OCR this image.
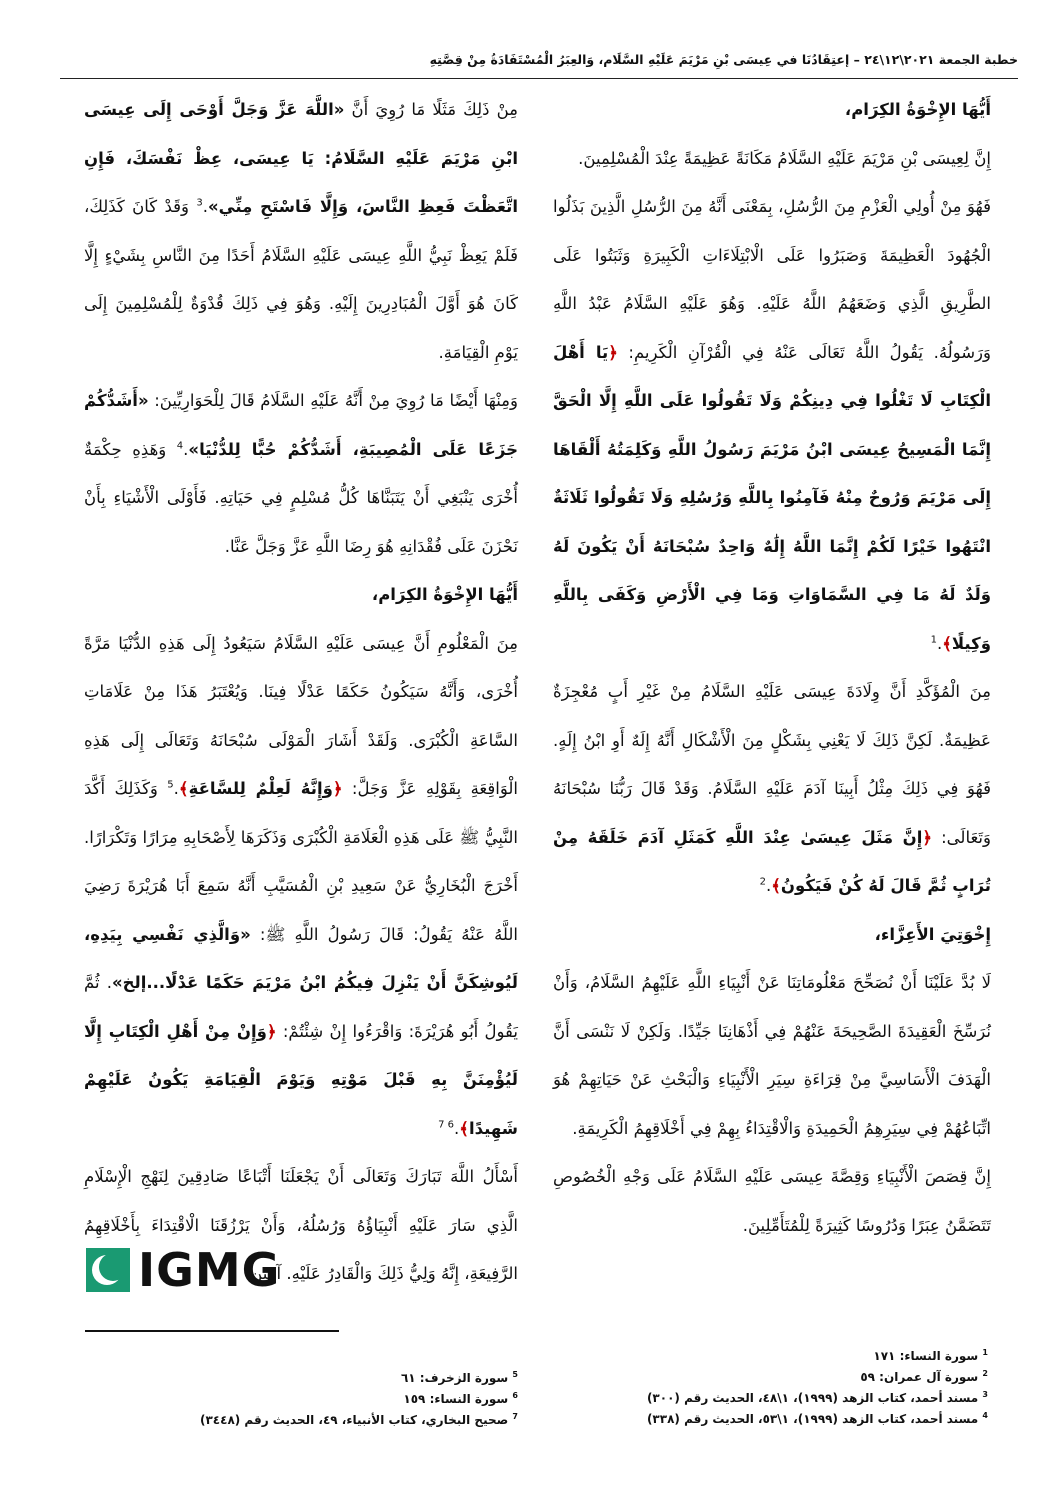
خطبة الجمعة ٢٠٢١\١٢\٢٤ – إعتِقَادُنَا في عِيسَى بْنِ مَرْيَمَ عَلَيْهِ السَّلَام، وَالعِبَرُ الْمُسْتَفَادَةُ مِنْ قِصَّتِهِ
أَيُّهَا الإِخْوَةُ الكِرَام،

إِنَّ لِعِيسَى بْنِ مَرْيَمَ عَلَيْهِ السَّلَامُ مَكَانَةً عَظِيمَةً عِنْدَ الْمُسْلِمِينَ.

فَهُوَ مِنْ أُولِي الْعَزْمِ مِنَ الرُّسُلِ، بِمَعْنَى أَنَّهُ مِنَ الرُّسُلِ الَّذِينَ بَذَلُوا الْجُهُودَ الْعَظِيمَةَ وَصَبَرُوا عَلَى الْابْتِلَاءَاتِ الْكَبِيرَةِ وَثَبَتُوا عَلَى الطَّرِيقِ الَّذِي وَضَعَهُمُ اللَّهُ عَلَيْهِ. وَهُوَ عَلَيْهِ السَّلَامُ عَبْدُ اللَّهِ وَرَسُولُهُ. يَقُولُ اللَّهُ تَعَالَى عَنْهُ فِي الْقُرْآنِ الْكَرِيمِ: ﴿يَا أَهْلَ الْكِتَابِ لَا تَغْلُوا فِي دِينِكُمْ وَلَا تَقُولُوا عَلَى اللَّهِ إِلَّا الْحَقَّ إِنَّمَا الْمَسِيحُ عِيسَى ابْنُ مَرْيَمَ رَسُولُ اللَّهِ وَكَلِمَتُهُ أَلْقَاهَا إِلَى مَرْيَمَ وَرُوحٌ مِنْهُ فَآمِنُوا بِاللَّهِ وَرُسُلِهِ وَلَا تَقُولُوا ثَلَاثَةٌ انْتَهُوا خَيْرًا لَكُمْ إِنَّمَا اللَّهُ إِلَٰهٌ وَاحِدٌ سُبْحَانَهُ أَنْ يَكُونَ لَهُ وَلَدٌ لَهُ مَا فِي السَّمَاوَاتِ وَمَا فِي الْأَرْضِ وَكَفَى بِاللَّهِ وَكِيلًا﴾.$^1$

مِنَ الْمُؤَكَّدِ أَنَّ وِلَادَةَ عِيسَى عَلَيْهِ السَّلَامُ مِنْ غَيْرِ أَبٍ مُعْجِزَةٌ عَظِيمَةٌ. لَكِنَّ ذَلِكَ لَا يَعْنِي بِشَكْلٍ مِنَ الْأَشْكَالِ أَنَّهُ إِلَهٌ أَوِ ابْنُ إِلَهٍ. فَهُوَ فِي ذَلِكَ مِثْلُ أَبِينَا آدَمَ عَلَيْهِ السَّلَامُ. وَقَدْ قَالَ رَبُّنَا سُبْحَانَهُ وَتَعَالَى: ﴿إِنَّ مَثَلَ عِيسَىٰ عِنْدَ اللَّهِ كَمَثَلِ آدَمَ خَلَقَهُ مِنْ تُرَابٍ ثُمَّ قَالَ لَهُ كُنْ فَيَكُونُ﴾.$^2$

إِخْوَتِيَ الأَعِزَّاء،

لَا بُدَّ عَلَيْنَا أَنْ نُصَحِّحَ مَعْلُومَاتِنَا عَنْ أَنْبِيَاءِ اللَّهِ عَلَيْهِمُ السَّلَامُ، وَأَنْ نُرَسِّخَ الْعَقِيدَةَ الصَّحِيحَةَ عَنْهُمْ فِي أَذْهَانِنَا جَيِّدًا. وَلَكِنْ لَا نَنْسَى أَنَّ الْهَدَفَ الْأَسَاسِيَّ مِنْ قِرَاءَةِ سِيَرِ الْأَنْبِيَاءِ وَالْبَحْثِ عَنْ حَيَاتِهِمْ هُوَ اتِّبَاعُهُمْ فِي سِيَرِهِمُ الْحَمِيدَةِ وَالْاقْتِدَاءُ بِهِمْ فِي أَخْلَاقِهِمُ الْكَرِيمَةِ.

إِنَّ قِصَصَ الْأَنْبِيَاءِ وَقِصَّةَ عِيسَى عَلَيْهِ السَّلَامُ عَلَى وَجْهِ الْخُصُوصِ تَتَضَمَّنُ عِبَرًا وَدُرُوسًا كَثِيرَةً لِلْمُتَأَمِّلِينَ.

مِنْ ذَلِكَ مَثَلًا مَا رُوِيَ أَنَّ «اللَّهَ عَزَّ وَجَلَّ أَوْحَى إِلَى عِيسَى ابْنِ مَرْيَمَ عَلَيْهِ السَّلَامُ: يَا عِيسَى، عِظْ نَفْسَكَ، فَإِنِ اتَّعَظْتَ فَعِظِ النَّاسَ، وَإِلَّا فَاسْتَحِ مِنِّي».$^3$ وَقَدْ كَانَ كَذَلِكَ، فَلَمْ يَعِظْ نَبِيُّ اللَّهِ عِيسَى عَلَيْهِ السَّلَامُ أَحَدًا مِنَ النَّاسِ بِشَيْءٍ إِلَّا كَانَ هُوَ أَوَّلَ الْمُبَادِرِينَ إِلَيْهِ. وَهُوَ فِي ذَلِكَ قُدْوَةٌ لِلْمُسْلِمِينَ إِلَى يَوْمِ الْقِيَامَةِ.

وَمِنْهَا أَيْضًا مَا رُوِيَ مِنْ أَنَّهُ عَلَيْهِ السَّلَامُ قَالَ لِلْحَوَارِيِّينَ: «أَشَدُّكُمْ جَزَعًا عَلَى الْمُصِيبَةِ، أَشَدُّكُمْ حُبًّا لِلدُّنْيَا».$^4$ وَهَذِهِ حِكْمَةٌ أُخْرَى يَنْبَغِي أَنْ يَتَبَنَّاهَا كُلُّ مُسْلِمٍ فِي حَيَاتِهِ. فَأَوْلَى الْأَشْيَاءِ بِأَنْ نَحْزَنَ عَلَى فُقْدَانِهِ هُوَ رِضَا اللَّهِ عَزَّ وَجَلَّ عَنَّا.

أَيُّهَا الإِخْوَةُ الكِرَام،

مِنَ الْمَعْلُومِ أَنَّ عِيسَى عَلَيْهِ السَّلَامُ سَيَعُودُ إِلَى هَذِهِ الدُّنْيَا مَرَّةً أُخْرَى، وَأَنَّهُ سَيَكُونُ حَكَمًا عَدْلًا فِينَا. وَيُعْتَبَرُ هَذَا مِنْ عَلَامَاتِ السَّاعَةِ الْكُبْرَى. وَلَقَدْ أَشَارَ الْمَوْلَى سُبْحَانَهُ وَتَعَالَى إِلَى هَذِهِ الْوَاقِعَةِ بِقَوْلِهِ عَزَّ وَجَلَّ: ﴿وَإِنَّهُ لَعِلْمٌ لِلسَّاعَةِ﴾.$^5$ وَكَذَلِكَ أَكَّدَ النَّبِيُّ ﷺ عَلَى هَذِهِ الْعَلَامَةِ الْكُبْرَى وَذَكَرَهَا لِأَصْحَابِهِ مِرَارًا وَتَكْرَارًا. أَخْرَجَ الْبُخَارِيُّ عَنْ سَعِيدِ بْنِ الْمُسَيَّبِ أَنَّهُ سَمِعَ أَبَا هُرَيْرَةَ رَضِيَ اللَّهُ عَنْهُ يَقُولُ: قَالَ رَسُولُ اللَّهِ ﷺ: «وَالَّذِي نَفْسِي بِيَدِهِ، لَيُوشِكَنَّ أَنْ يَنْزِلَ فِيكُمُ ابْنُ مَرْيَمَ حَكَمًا عَدْلًا...إلخ». ثُمَّ يَقُولُ أَبُو هُرَيْرَةَ: وَاقْرَءُوا إِنْ شِئْتُمْ: ﴿وَإِنْ مِنْ أَهْلِ الْكِتَابِ إِلَّا لَيُؤْمِنَنَّ بِهِ قَبْلَ مَوْتِهِ وَيَوْمَ الْقِيَامَةِ يَكُونُ عَلَيْهِمْ شَهِيدًا﴾.$^{6 7}$

أَسْأَلُ اللَّهَ تَبَارَكَ وَتَعَالَى أَنْ يَجْعَلَنَا أَتْبَاعًا صَادِقِينَ لِنَهْجِ الْإِسْلَامِ الَّذِي سَارَ عَلَيْهِ أَنْبِيَاؤُهُ وَرُسُلُهُ، وَأَنْ يَرْزُقَنَا الْاقْتِدَاءَ بِأَخْلَاقِهِمُ الرَّفِيعَةِ، إِنَّهُ وَلِيُّ ذَلِكَ وَالْقَادِرُ عَلَيْهِ. آمين.

IGMG
$^1$ سورة النساء: ١٧١
$^2$ سورة آل عمران: ٥٩
$^3$ مسند أحمد، كتاب الزهد (١٩٩٩)، ١\٤٨، الحديث رقم (٣٠٠)
$^4$ مسند أحمد، كتاب الزهد (١٩٩٩)، ١\٥٣، الحديث رقم (٣٣٨)
$^5$ سورة الزخرف: ٦١
$^6$ سورة النساء: ١٥٩
$^7$ صحيح البخاري، كتاب الأنبياء، ٤٩، الحديث رقم (٣٤٤٨)
